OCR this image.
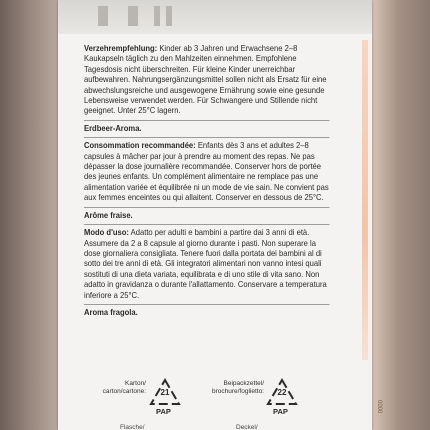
Verzehrempfehlung: Kinder ab 3 Jahren und Erwachsene 2–8 Kaukapseln täglich zu den Mahlzeiten einnehmen. Empfohlene Tagesdosis nicht überschreiten. Für kleine Kinder unerreichbar aufbewahren. Nahrungsergänzungsmittel sollen nicht als Ersatz für eine abwechslungsreiche und ausgewogene Ernährung sowie eine gesunde Lebensweise verwendet werden. Für Schwangere und Stillende nicht geeignet. Unter 25°C lagern.

Erdbeer-Aroma.

Consommation recommandée: Enfants dès 3 ans et adultes 2–8 capsules à mâcher par jour à prendre au moment des repas. Ne pas dépasser la dose journalière recommandée. Conserver hors de portée des jeunes enfants. Un complément alimentaire ne remplace pas une alimentation variée et équilibrée ni un mode de vie sain. Ne convient pas aux femmes enceintes ou qui allaitent. Conserver en dessous de 25°C.

Arôme fraise.

Modo d'uso: Adatto per adulti e bambini a partire dai 3 anni di età. Assumere da 2 a 8 capsule al giorno durante i pasti. Non superare la dose giornaliera consigliata. Tenere fuori dalla portata dei bambini al di sotto dei tre anni di età. Gli integratori alimentari non vanno intesi quali sostituti di una dieta variata, equilibrata e di uno stile di vita sano. Non adatto in gravidanza o durante l'allattamento. Conservare a temperatura inferiore a 25°C.

Aroma fragola.

Karton/
carton/cartone:	21
PAP
Beipackzettel/
brochure/foglietto:	22
PAP
Flasche/	Deckel/
0000
